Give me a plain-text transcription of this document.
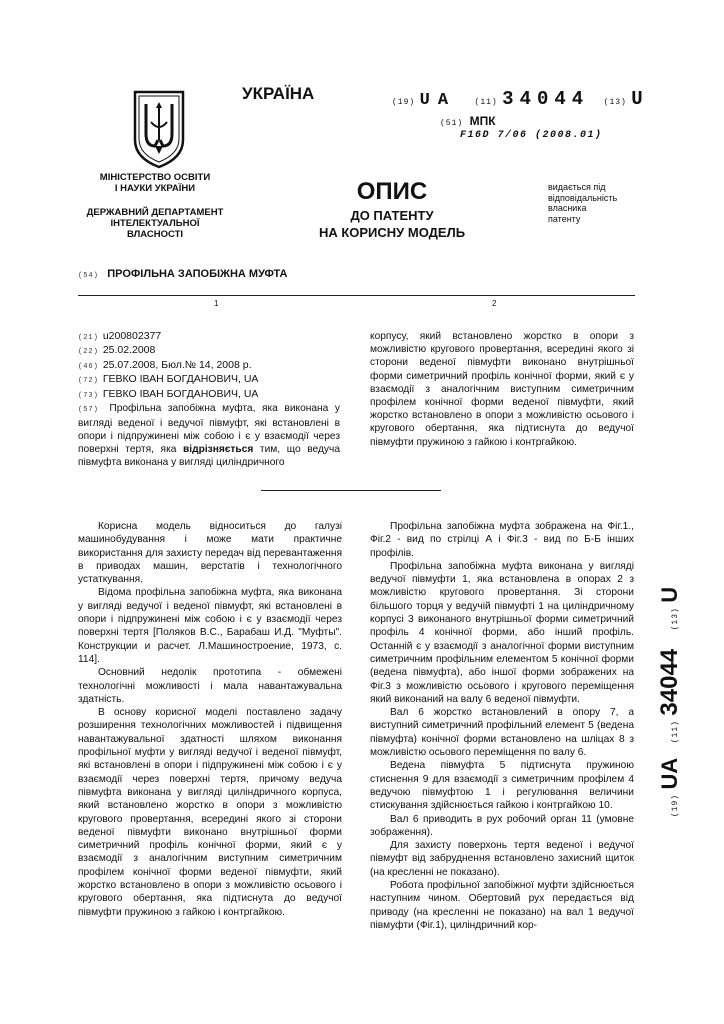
МІНІСТЕРСТВО ОСВІТИ
І НАУКИ УКРАЇНИ
ДЕРЖАВНИЙ ДЕПАРТАМЕНТ
ІНТЕЛЕКТУАЛЬНОЇ
ВЛАСНОСТІ
УКРАЇНА	(19) UA (11) 34044 (13) U
(51) МПК
F16D 7/06 (2008.01)
ОПИС
ДО ПАТЕНТУ
НА КОРИСНУ МОДЕЛЬ
видається під
відповідальність
власника
патенту
(54) ПРОФІЛЬНА ЗАПОБІЖНА МУФТА
1	2
(21) u200802377
(22) 25.02.2008
(46) 25.07.2008, Бюл.№ 14, 2008 р.
(72) ГЕВКО ІВАН БОГДАНОВИЧ, UA
(73) ГЕВКО ІВАН БОГДАНОВИЧ, UA
(57) Профільна запобіжна муфта, яка виконана у вигляді веденої і ведучої півмуфт, які встановлені в опори і підпружинені між собою і є у взаємодії через поверхні тертя, яка відрізняється тим, що ведуча півмуфта виконана у вигляді циліндричного
корпусу, який встановлено жорстко в опори з можливістю кругового провертання, всередині якого зі сторони веденої півмуфти виконано внутрішньої форми симетричний профіль конічної форми, який є у взаємодії з аналогічним виступним симетричним профілем конічної форми веденої півмуфти, який жорстко встановлено в опори з можливістю осьового і кругового обертання, яка підтиснута до ведучої півмуфти пружиною з гайкою і контргайкою.

Корисна модель відноситься до галузі машинобудування і може мати практичне використання для захисту передач від перевантаження в приводах машин, верстатів і технологічного устаткування.

Відома профільна запобіжна муфта, яка виконана у вигляді ведучої і веденої півмуфт, які встановлені в опори і підпружинені між собою і є у взаємодії через поверхні тертя [Поляков В.С., Барабаш И.Д. "Муфты". Конструкции и расчет. Л.Машиностроение, 1973, с. 114].

Основний недолік прототипа - обмежені технологічні можливості і мала навантажувальна здатність.

В основу корисної моделі поставлено задачу розширення технологічних можливостей і підвищення навантажувальної здатності шляхом виконання профільної муфти у вигляді ведучої і веденої півмуфт, які встановлені в опори і підпружинені між собою і є у взаємодії через поверхні тертя, причому ведуча півмуфта виконана у вигляді циліндричного корпуса, який встановлено жорстко в опори з можливістю кругового провертання, всередині якого зі сторони веденої півмуфти виконано внутрішньої форми симетричний профіль конічної форми, який є у взаємодії з аналогічним виступним симетричним профілем конічної форми веденої півмуфти, який жорстко встановлено в опори з можливістю осьового і кругового обертання, яка підтиснута до ведучої півмуфти пружиною з гайкою і контргайкою.

Профільна запобіжна муфта зображена на Фіг.1., Фіг.2 - вид по стрілці А і Фіг.3 - вид по Б-Б інших профілів.

Профільна запобіжна муфта виконана у вигляді ведучої півмуфти 1, яка встановлена в опорах 2 з можливістю кругового провертання. Зі сторони більшого торця у ведучій півмуфті 1 на циліндричному корпусі 3 виконаного внутрішньої форми симетричний профіль 4 конічної форми, або інший профіль. Останній є у взаємодії з аналогічної форми виступним симетричним профільним елементом 5 конічної форми (ведена півмуфта), або іншої форми зображених на Фіг.3 з можливістю осьового і кругового переміщення який виконаний на валу 6 веденої півмуфти.

Вал 6 жорстко встановлений в опору 7, а виступний симетричний профільний елемент 5 (ведена півмуфта) конічної форми встановлено на шліцах 8 з можливістю осьового переміщення по валу 6.

Ведена півмуфта 5 підтиснута пружиною стиснення 9 для взаємодії з симетричним профілем 4 ведучою півмуфтою 1 і регулювання величини стискування здійснюється гайкою і контргайкою 10.

Вал 6 приводить в рух робочий орган 11 (умовне зображення).

Для захисту поверхонь тертя веденої і ведучої півмуфт від забруднення встановлено захисний щиток (на кресленні не показано).

Робота профільної запобіжної муфти здійснюється наступним чином. Обертовий рух передається від приводу (на кресленні не показано) на вал 1 ведучої півмуфти (Фіг.1), циліндричний кор-

(19) UA (11) 34044 (13) U
